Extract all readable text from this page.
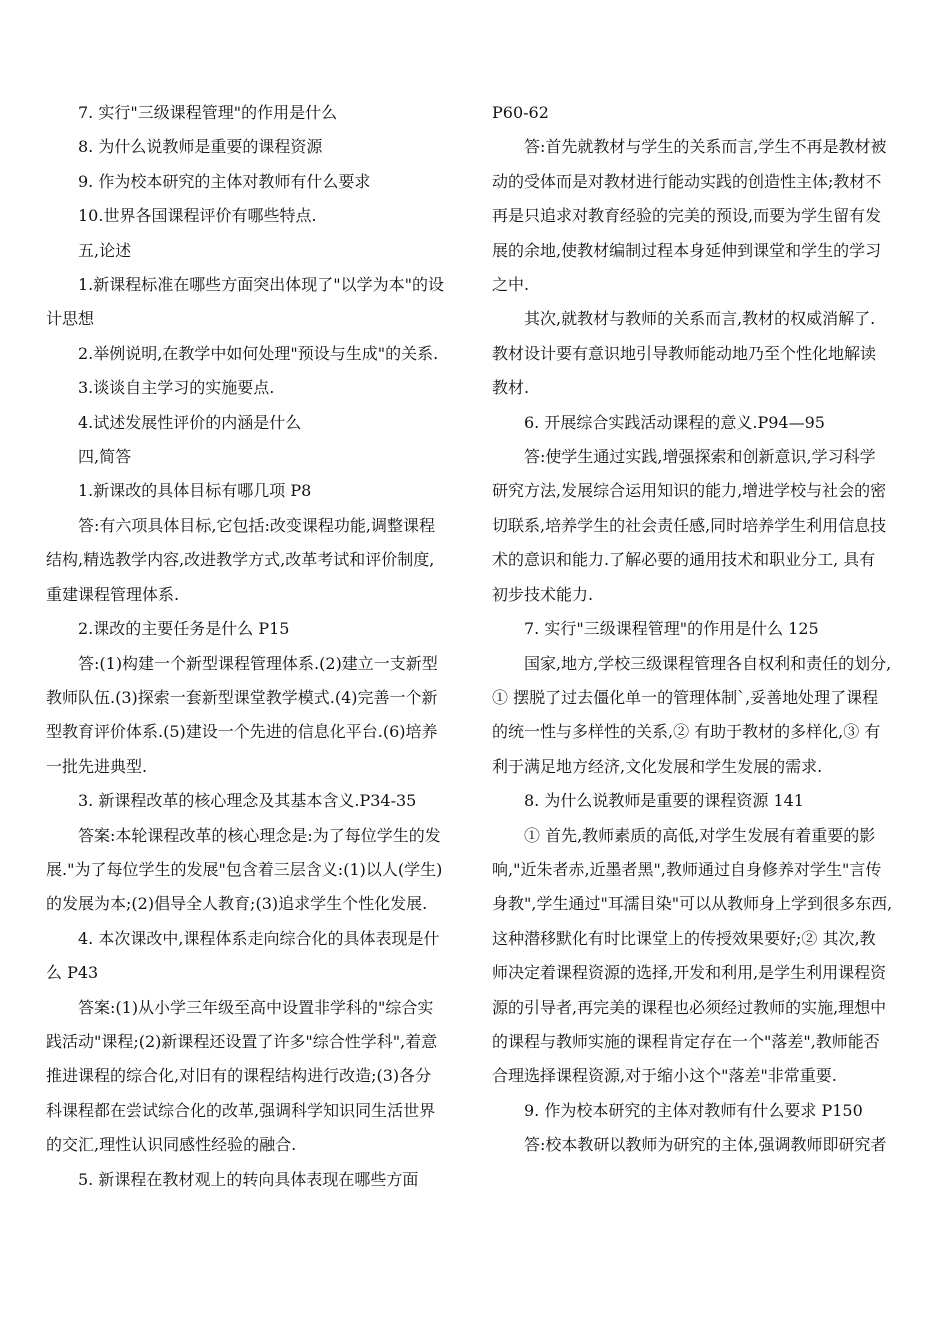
7. 实行"三级课程管理"的作用是什么
8. 为什么说教师是重要的课程资源
9. 作为校本研究的主体对教师有什么要求
10.世界各国课程评价有哪些特点.
五,论述
1.新课程标准在哪些方面突出体现了"以学为本"的设
计思想
2.举例说明,在教学中如何处理"预设与生成"的关系.
3.谈谈自主学习的实施要点.
4.试述发展性评价的内涵是什么
四,简答
1.新课改的具体目标有哪几项 P8
答:有六项具体目标,它包括:改变课程功能,调整课程
结构,精选教学内容,改进教学方式,改革考试和评价制度,
重建课程管理体系.
2.课改的主要任务是什么 P15
答:(1)构建一个新型课程管理体系.(2)建立一支新型
教师队伍.(3)探索一套新型课堂教学模式.(4)完善一个新
型教育评价体系.(5)建设一个先进的信息化平台.(6)培养
一批先进典型.
3. 新课程改革的核心理念及其基本含义.P34-35
答案:本轮课程改革的核心理念是:为了每位学生的发
展."为了每位学生的发展"包含着三层含义:(1)以人(学生)
的发展为本;(2)倡导全人教育;(3)追求学生个性化发展.
4. 本次课改中,课程体系走向综合化的具体表现是什
么 P43
答案:(1)从小学三年级至高中设置非学科的"综合实
践活动"课程;(2)新课程还设置了许多"综合性学科",着意
推进课程的综合化,对旧有的课程结构进行改造;(3)各分
科课程都在尝试综合化的改革,强调科学知识同生活世界
的交汇,理性认识同感性经验的融合.
5. 新课程在教材观上的转向具体表现在哪些方面
P60-62
答:首先就教材与学生的关系而言,学生不再是教材被
动的受体而是对教材进行能动实践的创造性主体;教材不
再是只追求对教育经验的完美的预设,而要为学生留有发
展的余地,使教材编制过程本身延伸到课堂和学生的学习
之中.
其次,就教材与教师的关系而言,教材的权威消解了.
教材设计要有意识地引导教师能动地乃至个性化地解读
教材.
6. 开展综合实践活动课程的意义.P94—95
答:使学生通过实践,增强探索和创新意识,学习科学
研究方法,发展综合运用知识的能力,增进学校与社会的密
切联系,培养学生的社会责任感,同时培养学生利用信息技
术的意识和能力.了解必要的通用技术和职业分工, 具有
初步技术能力.
7. 实行"三级课程管理"的作用是什么 125
国家,地方,学校三级课程管理各自权利和责任的划分,
① 摆脱了过去僵化单一的管理体制`,妥善地处理了课程
的统一性与多样性的关系,② 有助于教材的多样化,③ 有
利于满足地方经济,文化发展和学生发展的需求.
8. 为什么说教师是重要的课程资源 141
① 首先,教师素质的高低,对学生发展有着重要的影
响,"近朱者赤,近墨者黑",教师通过自身修养对学生"言传
身教",学生通过"耳濡目染"可以从教师身上学到很多东西,
这种潜移默化有时比课堂上的传授效果要好;② 其次,教
师决定着课程资源的选择,开发和利用,是学生利用课程资
源的引导者,再完美的课程也必须经过教师的实施,理想中
的课程与教师实施的课程肯定存在一个"落差",教师能否
合理选择课程资源,对于缩小这个"落差"非常重要.
9. 作为校本研究的主体对教师有什么要求 P150
答:校本教研以教师为研究的主体,强调教师即研究者
